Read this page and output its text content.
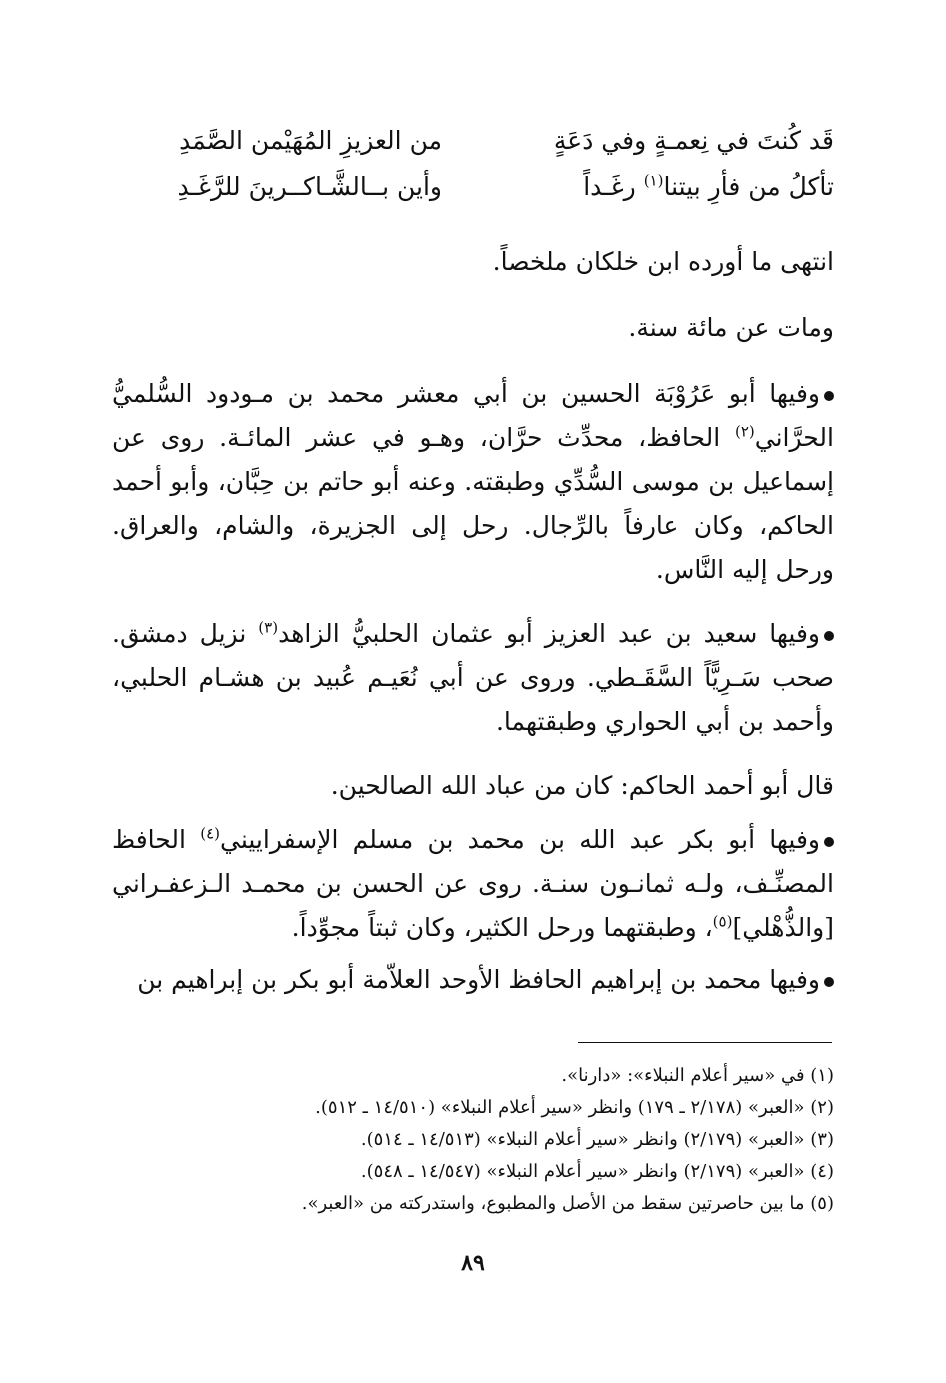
قَد كُنتَ في نِعمـةٍ وفي دَعَةٍ
من العزيزِ المُهَيْمن الصَّمَدِ
تأكلُ من فأرِ بيتنا$^{(١)}$ رغَـداً
وأين بــالشَّـاكــرينَ للرَّغَـدِ

انتهى ما أورده ابن خلكان ملخصاً.

ومات عن مائة سنة.

وفيها أبو عَرُوْبَة الحسين بن أبي معشر محمد بن مـودود السُّلميُّ الحرَّاني$^{(٢)}$ الحافظ، محدِّث حرَّان، وهـو في عشر المائـة. روى عن إسماعيل بن موسى السُّدِّي وطبقته. وعنه أبو حاتم بن حِبَّان، وأبو أحمد الحاكم، وكان عارفاً بالرِّجال. رحل إلى الجزيرة، والشام، والعراق. ورحل إليه النَّاس.

وفيها سعيد بن عبد العزيز أبو عثمان الحلبيُّ الزاهد$^{(٣)}$ نزيل دمشق. صحب سَـرِيًّاً السَّقَـطي. وروى عن أبي نُعَيـم عُبيد بن هشـام الحلبي، وأحمد بن أبي الحواري وطبقتهما.

قال أبو أحمد الحاكم: كان من عباد الله الصالحين.

وفيها أبو بكر عبد الله بن محمد بن مسلم الإسفراييني$^{(٤)}$ الحافظ المصنِّـف، ولـه ثمانـون سنـة. روى عن الحسن بن محمـد الـزعفـراني [والذُّهْلي]$^{(٥)}$، وطبقتهما ورحل الكثير، وكان ثبتاً مجوِّداً.

وفيها محمد بن إبراهيم الحافظ الأوحد العلاّمة أبو بكر بن إبراهيم بن

(١) في «سير أعلام النبلاء»: «دارنا».
(٢) «العبر» (٢/١٧٨ ـ ١٧٩) وانظر «سير أعلام النبلاء» (١٤/٥١٠ ـ ٥١٢).
(٣) «العبر» (٢/١٧٩) وانظر «سير أعلام النبلاء» (١٤/٥١٣ ـ ٥١٤).
(٤) «العبر» (٢/١٧٩) وانظر «سير أعلام النبلاء» (١٤/٥٤٧ ـ ٥٤٨).
(٥) ما بين حاصرتين سقط من الأصل والمطبوع، واستدركته من «العبر».
٨٩
